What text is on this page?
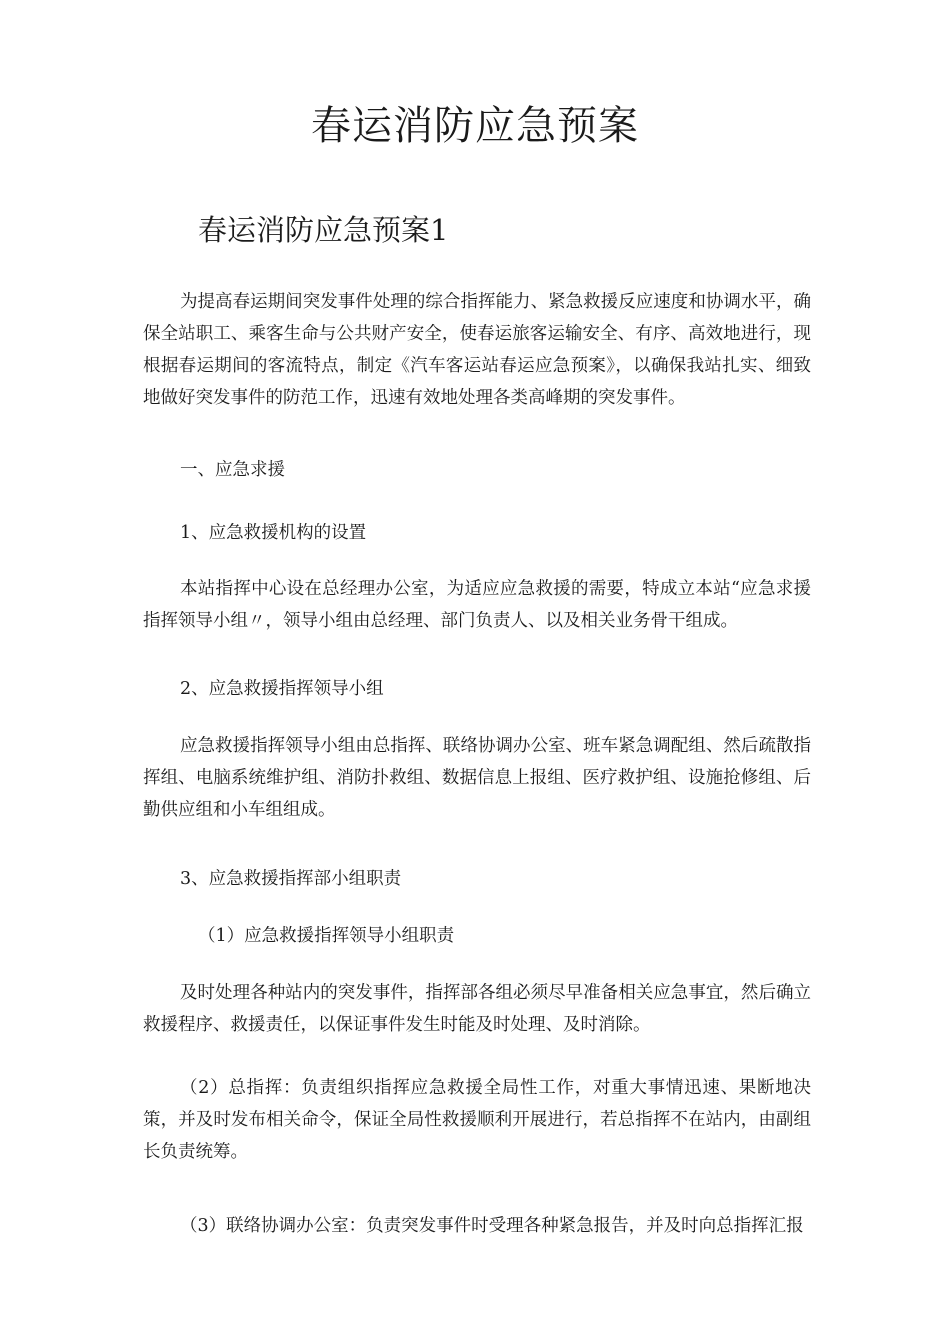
春运消防应急预案
春运消防应急预案1

为提高春运期间突发事件处理的综合指挥能力、紧急救援反应速度和协调水平，确保全站职工、乘客生命与公共财产安全，使春运旅客运输安全、有序、高效地进行，现根据春运期间的客流特点，制定《汽车客运站春运应急预案》，以确保我站扎实、细致地做好突发事件的防范工作，迅速有效地处理各类高峰期的突发事件。

一、应急求援

1、应急救援机构的设置

本站指挥中心设在总经理办公室，为适应应急救援的需要，特成立本站“应急求援指挥领导小组〃，领导小组由总经理、部门负责人、以及相关业务骨干组成。

2、应急救援指挥领导小组

应急救援指挥领导小组由总指挥、联络协调办公室、班车紧急调配组、然后疏散指挥组、电脑系统维护组、消防扑救组、数据信息上报组、医疗救护组、设施抢修组、后勤供应组和小车组组成。

3、应急救援指挥部小组职责

（1）应急救援指挥领导小组职责

及时处理各种站内的突发事件，指挥部各组必须尽早准备相关应急事宜，然后确立救援程序、救援责任，以保证事件发生时能及时处理、及时消除。

（2）总指挥：负责组织指挥应急救援全局性工作，对重大事情迅速、果断地决策，并及时发布相关命令，保证全局性救援顺利开展进行，若总指挥不在站内，由副组长负责统筹。

（3）联络协调办公室：负责突发事件时受理各种紧急报告，并及时向总指挥汇报
